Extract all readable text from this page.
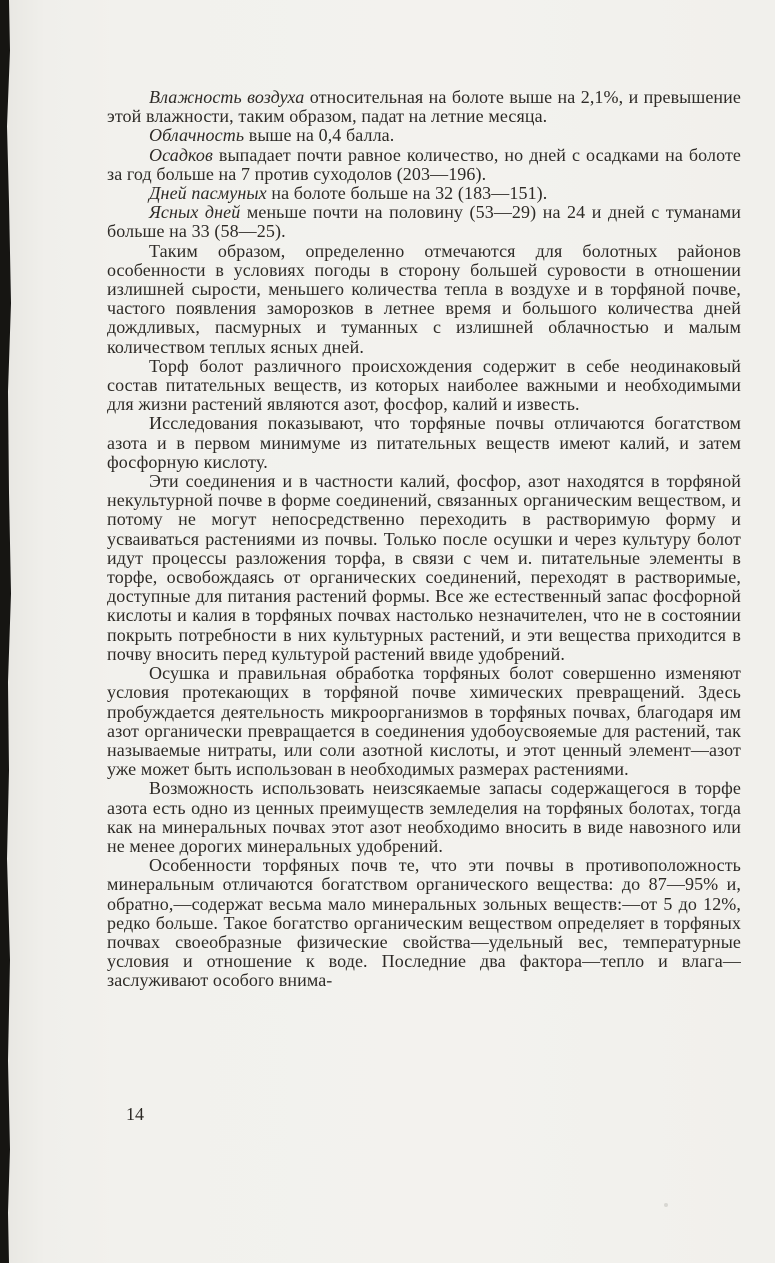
Влажность воздуха относительная на болоте выше на 2,1%, и превышение этой влажности, таким образом, падат на летние месяца.

Облачность выше на 0,4 балла.

Осадков выпадает почти равное количество, но дней с осадками на болоте за год больше на 7 против суходолов (203—196).

Дней пасмуных на болоте больше на 32 (183—151).

Ясных дней меньше почти на половину (53—29) на 24 и дней с туманами больше на 33 (58—25).

Таким образом, определенно отмечаются для болотных районов особенности в условиях погоды в сторону большей суровости в отношении излишней сырости, меньшего количества тепла в воздухе и в торфяной почве, частого появления заморозков в летнее время и большого количества дней дождливых, пасмурных и туманных с излишней облачностью и малым количеством теплых ясных дней.

Торф болот различного происхождения содержит в себе неодинаковый состав питательных веществ, из которых наиболее важными и необходимыми для жизни растений являются азот, фосфор, калий и известь.

Исследования показывают, что торфяные почвы отличаются богатством азота и в первом минимуме из питательных веществ имеют калий, и затем фосфорную кислоту.

Эти соединения и в частности калий, фосфор, азот находятся в торфяной некультурной почве в форме соединений, связанных органическим веществом, и потому не могут непосредственно переходить в растворимую форму и усваиваться растениями из почвы. Только после осушки и через культуру болот идут процессы разложения торфа, в связи с чем и. питательные элементы в торфе, освобождаясь от органических соединений, переходят в растворимые, доступные для питания растений формы. Все же естественный запас фосфорной кислоты и калия в торфяных почвах настолько незначителен, что не в состоянии покрыть потребности в них культурных растений, и эти вещества приходится в почву вносить перед культурой растений ввиде удобрений.

Осушка и правильная обработка торфяных болот совершенно изменяют условия протекающих в торфяной почве химических превращений. Здесь пробуждается деятельность микроорганизмов в торфяных почвах, благодаря им азот органически превращается в соединения удобоусвояемые для растений, так называемые нитраты, или соли азотной кислоты, и этот ценный элемент—азот уже может быть использован в необходимых размерах растениями.

Возможность использовать неизсякаемые запасы содержащегося в торфе азота есть одно из ценных преимуществ земледелия на торфяных болотах, тогда как на минеральных почвах этот азот необходимо вносить в виде навозного или не менее дорогих минеральных удобрений.

Особенности торфяных почв те, что эти почвы в противоположность минеральным отличаются богатством органического вещества: до 87—95% и, обратно,—содержат весьма мало минеральных зольных веществ:—от 5 до 12%, редко больше. Такое богатство органическим веществом определяет в торфяных почвах своеобразные физические свойства—удельный вес, температурные условия и отношение к воде. Последние два фактора—тепло и влага—заслуживают особого внима-

14
